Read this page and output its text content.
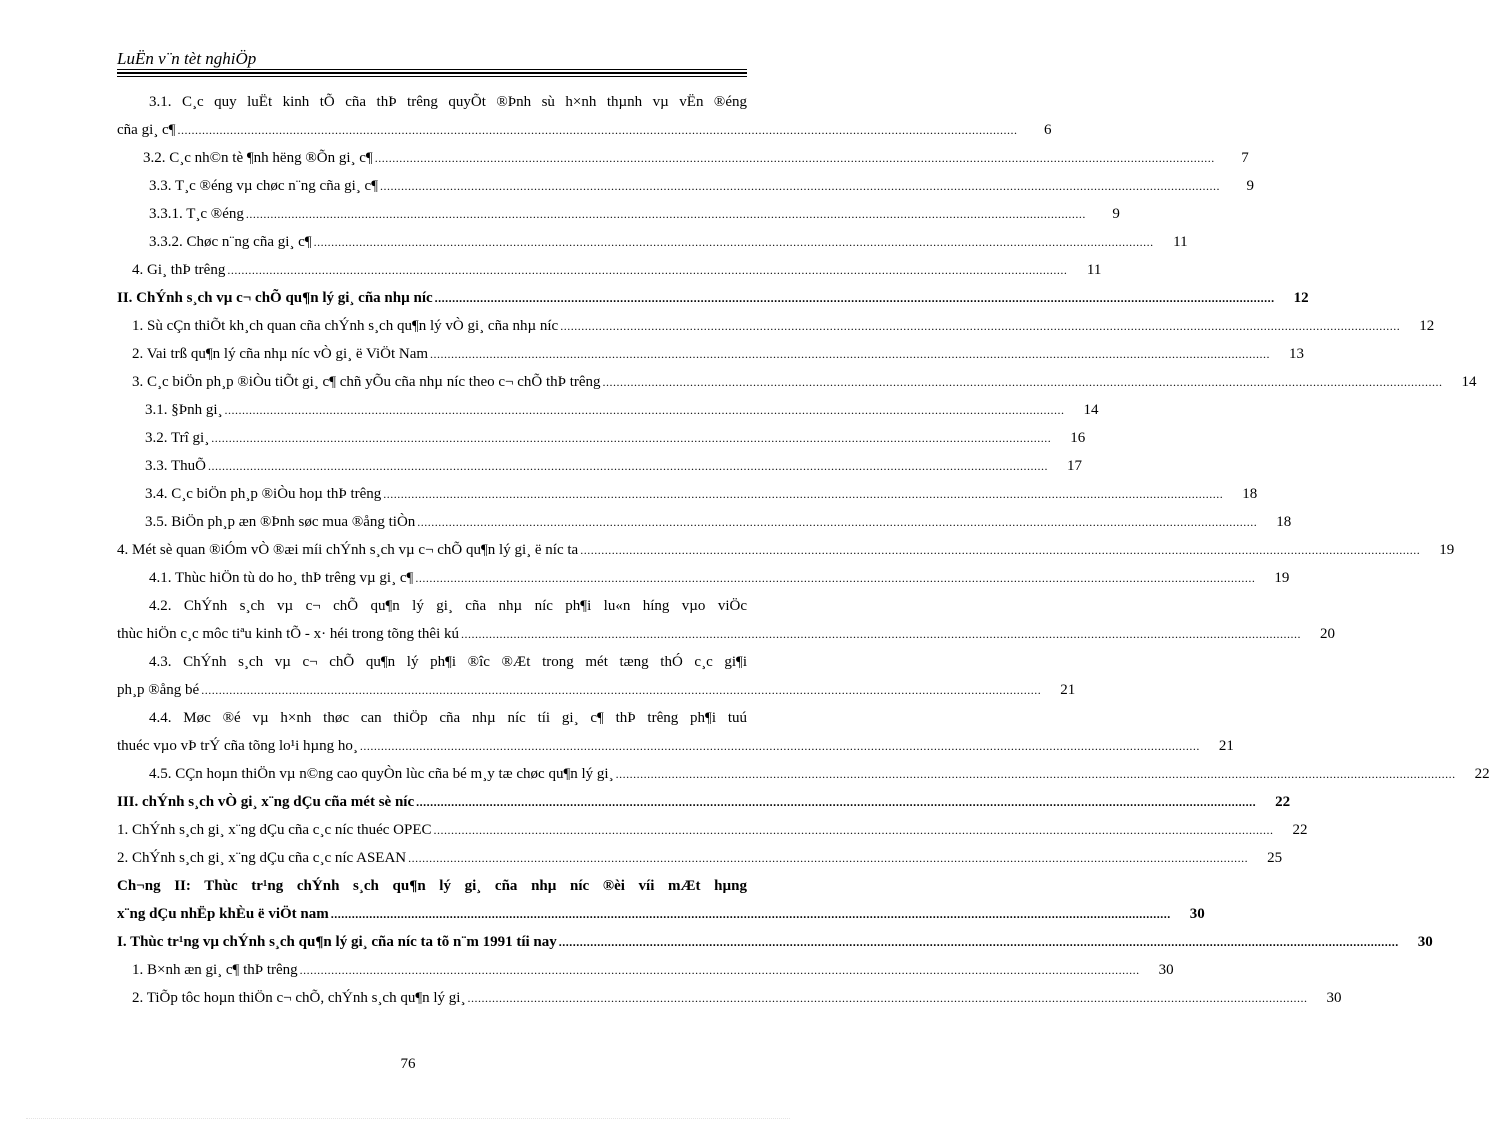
LuËn v¨n tèt nghiÖp
3.1. C¸c quy luËt kinh tÕ cña thÞ trêng quyÕt ®Þnh sù h×nh thµnh vµ vËn ®éng
cña gi¸ c¶ ................................................................................................................................................................................................................................................	6
3.2. C¸c nh©n tè ¶nh hëng ®Õn gi¸ c¶ ................................................................................................................................................................................................................................................	7
3.3. T¸c ®éng vµ chøc n¨ng cña gi¸ c¶ ................................................................................................................................................................................................................................................	9
3.3.1. T¸c ®éng ................................................................................................................................................................................................................................................	9
3.3.2. Chøc n¨ng cña gi¸ c¶ ................................................................................................................................................................................................................................................	11
4. Gi¸ thÞ trêng ................................................................................................................................................................................................................................................	11
II. ChÝnh s¸ch vµ c¬ chÕ qu¶n lý gi¸ cña nhµ níc ................................................................................................................................................................................................................................................	12
1. Sù cÇn thiÕt kh¸ch quan cña chÝnh s¸ch qu¶n lý vÒ gi¸ cña nhµ níc ................................................................................................................................................................................................................................................	12
2. Vai trß qu¶n lý cña nhµ níc vÒ gi¸ ë ViÖt Nam ................................................................................................................................................................................................................................................	13
3. C¸c biÖn ph¸p ®iÒu tiÕt gi¸ c¶ chñ yÕu cña nhµ níc theo c¬ chÕ thÞ trêng ................................................................................................................................................................................................................................................	14
3.1. §Þnh gi¸ ................................................................................................................................................................................................................................................	14
3.2. Trî gi¸ ................................................................................................................................................................................................................................................	16
3.3. ThuÕ ................................................................................................................................................................................................................................................	17
3.4. C¸c biÖn ph¸p ®iÒu hoµ thÞ trêng ................................................................................................................................................................................................................................................	18
3.5. BiÖn ph¸p æn ®Þnh søc mua ®ång tiÒn ................................................................................................................................................................................................................................................	18
4. Mét sè quan ®iÓm vÒ ®æi míi chÝnh s¸ch vµ c¬ chÕ qu¶n lý gi¸ ë níc ta ................................................................................................................................................................................................................................................	19
4.1. Thùc hiÖn tù do ho¸ thÞ trêng vµ gi¸ c¶ ................................................................................................................................................................................................................................................	19
4.2. ChÝnh s¸ch vµ c¬ chÕ qu¶n lý gi¸ cña nhµ níc ph¶i lu«n híng vµo viÖc
thùc hiÖn c¸c môc tiªu kinh tÕ - x· héi trong tõng thêi kú ................................................................................................................................................................................................................................................	20
4.3. ChÝnh s¸ch vµ c¬ chÕ qu¶n lý ph¶i ®îc ®Æt trong mét tæng thÓ c¸c gi¶i
ph¸p ®ång bé ................................................................................................................................................................................................................................................	21
4.4. Møc ®é vµ h×nh thøc can thiÖp cña nhµ níc tíi gi¸ c¶ thÞ trêng ph¶i tuú
thuéc vµo vÞ trÝ cña tõng lo¹i hµng ho¸ ................................................................................................................................................................................................................................................	21
4.5. CÇn hoµn thiÖn vµ n©ng cao quyÒn lùc cña bé m¸y tæ chøc qu¶n lý gi¸ ................................................................................................................................................................................................................................................	22
III. chÝnh s¸ch vÒ gi¸ x¨ng dÇu cña mét sè níc ................................................................................................................................................................................................................................................	22
1. ChÝnh s¸ch gi¸ x¨ng dÇu cña c¸c níc thuéc OPEC ................................................................................................................................................................................................................................................	22
2. ChÝnh s¸ch gi¸ x¨ng dÇu cña c¸c níc ASEAN ................................................................................................................................................................................................................................................	25
Ch¬ng II: Thùc tr¹ng chÝnh s¸ch qu¶n lý gi¸ cña nhµ níc ®èi víi mÆt hµng
x¨ng dÇu nhËp khÈu ë viÖt nam ................................................................................................................................................................................................................................................	30
I. Thùc tr¹ng vµ chÝnh s¸ch qu¶n lý gi¸ cña níc ta tõ n¨m 1991 tíi nay ................................................................................................................................................................................................................................................	30
1. B×nh æn gi¸ c¶ thÞ trêng ................................................................................................................................................................................................................................................	30
2. TiÕp tôc hoµn thiÖn c¬ chÕ, chÝnh s¸ch qu¶n lý gi¸ ................................................................................................................................................................................................................................................	30
76
